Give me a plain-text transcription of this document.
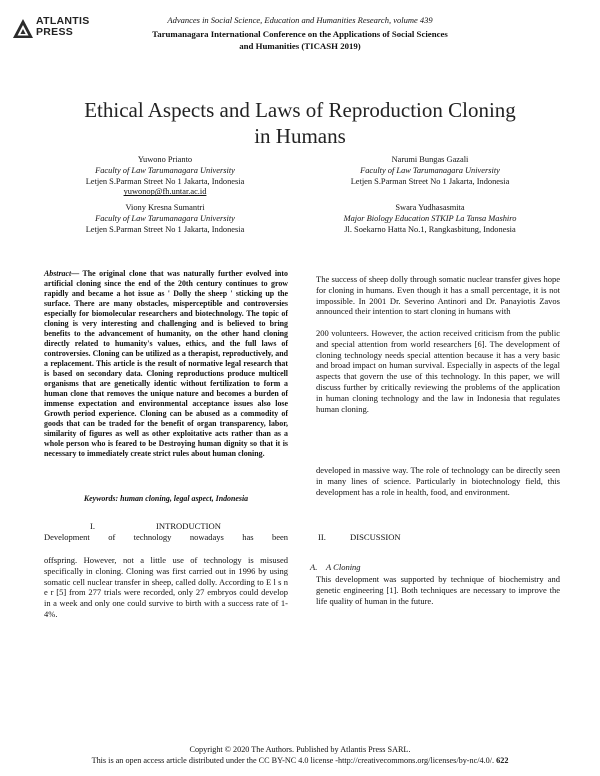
ATLANTIS
PRESS
Advances in Social Science, Education and Humanities Research, volume 439
Tarumanagara International Conference on the Applications of Social Sciences
and Humanities (TICASH 2019)
Ethical Aspects and Laws of Reproduction Cloning
in Humans
Yuwono Prianto
Faculty of Law Tarumanagara University
Letjen S.Parman Street No 1 Jakarta, Indonesia
yuwonop@fh.untar.ac.id
Narumi Bungas Gazali
Faculty of Law Tarumanagara University
Letjen S.Parman Street No 1 Jakarta, Indonesia
Viony Kresna Sumantri
Faculty of Law Tarumanagara University
Letjen S.Parman Street No 1 Jakarta, Indonesia
Swara Yudhasasmita
Major Biology Education STKIP La Tansa Mashiro
Jl. Soekarno Hatta No.1, Rangkasbitung, Indonesia
Abstract— The original clone that was naturally further evolved into artificial cloning since the end of the 20th century continues to grow rapidly and became a hot issue as ' Dolly the sheep ' sticking up the surface. There are many obstacles, misperceptible and controversies especially for biomolecular researchers and biotechnology. The topic of cloning is very interesting and challenging and is believed to bring benefits to the advancement of humanity, on the other hand cloning directly related to humanity's values, ethics, and the full laws of controversies. Cloning can be utilized as a therapist, reproductively, and a replacement. This article is the result of normative legal research that is based on secondary data. Cloning reproductions produce multicell organisms that are genetically identic without fertilization to form a human clone that removes the unique nature and becomes a burden of immense expectation and environmental acceptance issues also lose Growth period experience. Cloning can be abused as a commodity of goods that can be traded for the benefit of organ transparency, labor, similarity of figures as well as other exploitative acts rather than as a whole person who is feared to be Destroying human dignity so that it is necessary to immediately create strict rules about human cloning.
Keywords: human cloning, legal aspect, Indonesia
I.	INTRODUCTION
Development of technology nowadays has been
offspring. However, not a little use of technology is misused specifically in cloning. Cloning was first carried out in 1996 by using somatic cell nuclear transfer in sheep, called dolly. According to E l s n e r [5] from 277 trials were recorded, only 27 embryos could develop in a week and only one could survive to birth with a success rate of 1-4%.
The success of sheep dolly through somatic nuclear transfer gives hope for cloning in humans. Even though it has a small percentage, it is not impossible. In 2001 Dr. Severino Antinori and Dr. Panayiotis Zavos announced their intention to start cloning in humans with
200 volunteers. However, the action received criticism from the public and special attention from world researchers [6]. The development of cloning technology needs special attention because it has a very basic and broad impact on human survival. Especially in aspects of the legal aspects that govern the use of this technology. In this paper, we will discuss further by critically reviewing the problems of the application in human cloning technology and the law in Indonesia that regulates human cloning.
developed in massive way. The role of technology can be directly seen in many lines of science. Particularly in biotechnology field, this development has a role in health, food, and environment.
II.	DISCUSSION
A. A Cloning
This development was supported by technique of biochemistry and genetic engineering [1]. Both techniques are necessary to improve the life quality of human in the future.
Copyright © 2020 The Authors. Published by Atlantis Press SARL.
This is an open access article distributed under the CC BY-NC 4.0 license -http://creativecommons.org/licenses/by-nc/4.0/. 622
